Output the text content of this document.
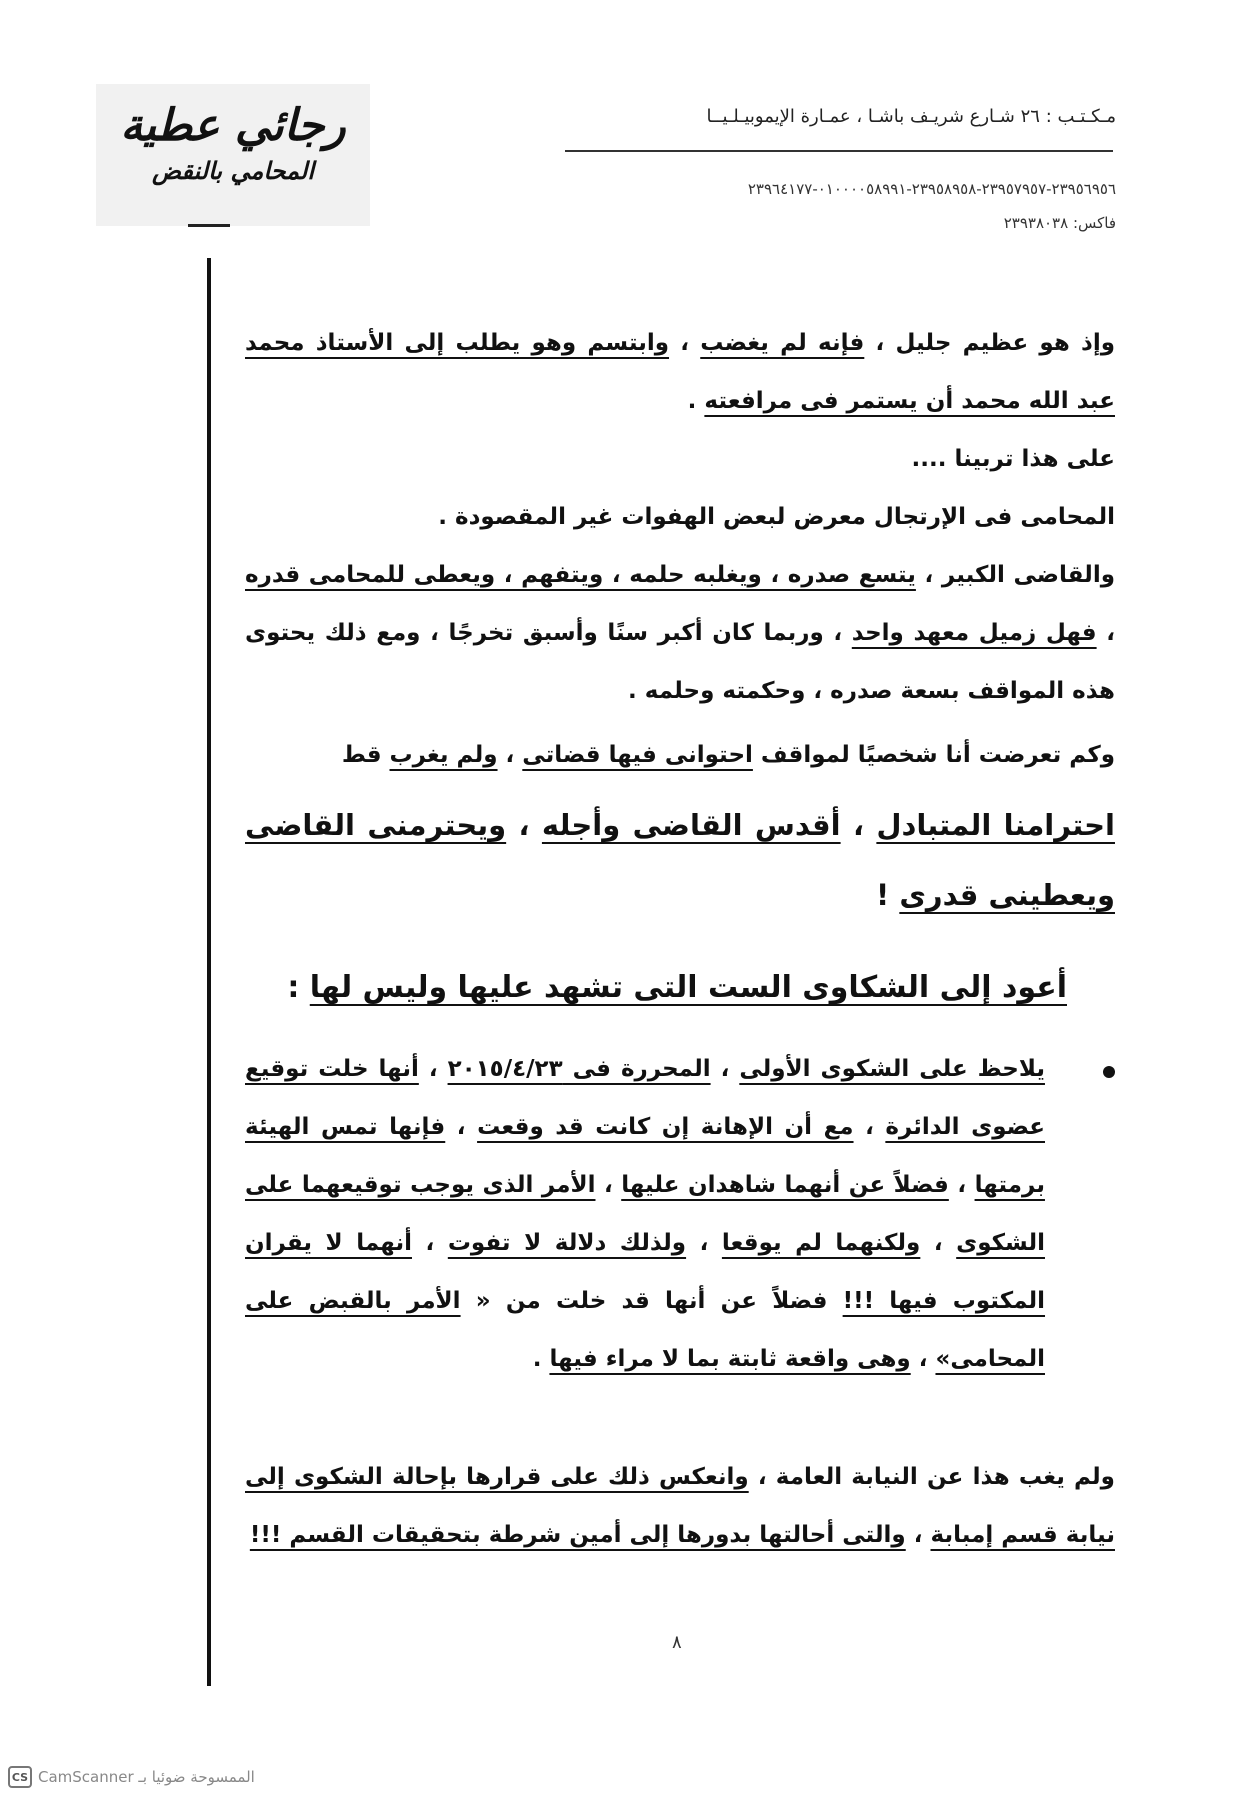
رجائي عطية
المحامي بالنقض
مـكـتـب : ٢٦ شـارع شريـف باشـا ، عمـارة الإيموبيـلـيــا
٢٣٩٥٦٩٥٦-٢٣٩٥٧٩٥٧-٢٣٩٥٨٩٥٨-٠١٠٠٠٠٥٨٩٩١-٢٣٩٦٤١٧٧
فاكس: ٢٣٩٣٨٠٣٨

وإذ هو عظيم جليل ، فإنه لم يغضب ، وابتسم وهو يطلب إلى الأستاذ محمد عبد الله محمد أن يستمر فى مرافعته .

على هذا تربينا ....

المحامى فى الإرتجال معرض لبعض الهفوات غير المقصودة .

والقاضى الكبير ، يتسع صدره ، ويغلبه حلمه ، ويتفهم ، ويعطى للمحامى قدره ، فهل زميل معهد واحد ، وربما كان أكبر سنًا وأسبق تخرجًا ، ومع ذلك يحتوى هذه المواقف بسعة صدره ، وحكمته وحلمه .

وكم تعرضت أنا شخصيًا لمواقف احتوانى فيها قضاتى ، ولم يغرب قط

احترامنا المتبادل ، أقدس القاضى وأجله ، ويحترمنى القاضى ويعطينى قدرى !

أعود إلى الشكاوى الست التى تشهد عليها وليس لها :

يلاحظ على الشكوى الأولى ، المحررة فى ٢٠١٥/٤/٢٣ ، أنها خلت توقيع عضوى الدائرة ، مع أن الإهانة إن كانت قد وقعت ، فإنها تمس الهيئة برمتها ، فضلاً عن أنهما شاهدان عليها ، الأمر الذى يوجب توقيعهما على الشكوى ، ولكنهما لم يوقعا ، ولذلك دلالة لا تفوت ، أنهما لا يقران المكتوب فيها !!! فضلاً عن أنها قد خلت من « الأمر بالقبض على المحامى» ، وهى واقعة ثابتة بما لا مراء فيها .

ولم يغب هذا عن النيابة العامة ، وانعكس ذلك على قرارها بإحالة الشكوى إلى نيابة قسم إمبابة ، والتى أحالتها بدورها إلى أمين شرطة بتحقيقات القسم !!!

٨
CS الممسوحة ضوئيا بـ CamScanner
